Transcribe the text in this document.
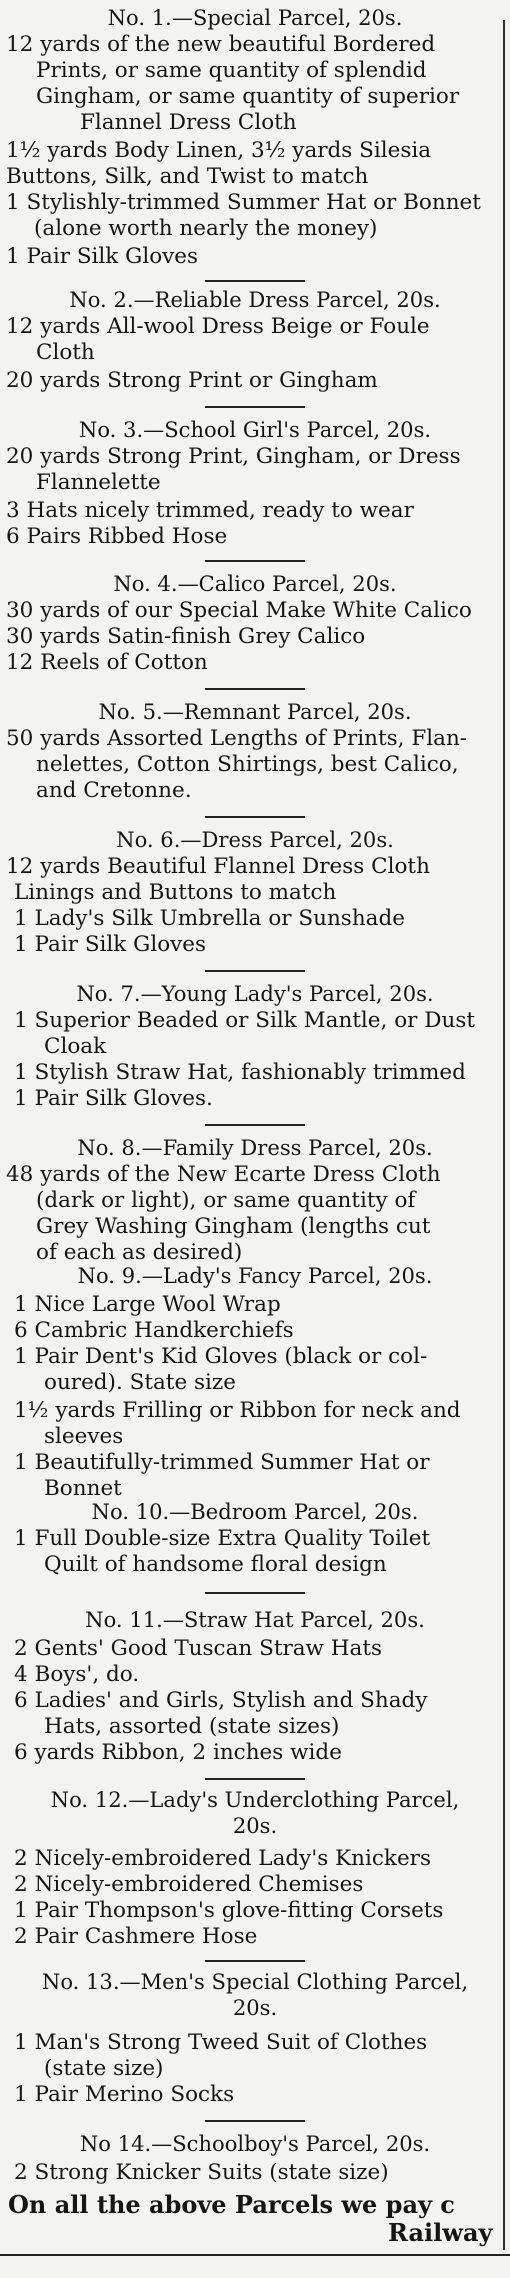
No. 1.—Special Parcel, 20s.
12 yards of the new beautiful Bordered
Prints, or same quantity of splendid
Gingham, or same quantity of superior
Flannel Dress Cloth
1½ yards Body Linen, 3½ yards Silesia
Buttons, Silk, and Twist to match
1 Stylishly-trimmed Summer Hat or Bonnet
(alone worth nearly the money)
1 Pair Silk Gloves
No. 2.—Reliable Dress Parcel, 20s.
12 yards All-wool Dress Beige or Foule
Cloth
20 yards Strong Print or Gingham
No. 3.—School Girl's Parcel, 20s.
20 yards Strong Print, Gingham, or Dress
Flannelette
3 Hats nicely trimmed, ready to wear
6 Pairs Ribbed Hose
No. 4.—Calico Parcel, 20s.
30 yards of our Special Make White Calico
30 yards Satin-finish Grey Calico
12 Reels of Cotton
No. 5.—Remnant Parcel, 20s.
50 yards Assorted Lengths of Prints, Flan-
nelettes, Cotton Shirtings, best Calico,
and Cretonne.
No. 6.—Dress Parcel, 20s.
12 yards Beautiful Flannel Dress Cloth
Linings and Buttons to match
1 Lady's Silk Umbrella or Sunshade
1 Pair Silk Gloves
No. 7.—Young Lady's Parcel, 20s.
1 Superior Beaded or Silk Mantle, or Dust
Cloak
1 Stylish Straw Hat, fashionably trimmed
1 Pair Silk Gloves.
No. 8.—Family Dress Parcel, 20s.
48 yards of the New Ecarte Dress Cloth
(dark or light), or same quantity of
Grey Washing Gingham (lengths cut
of each as desired)
No. 9.—Lady's Fancy Parcel, 20s.
1 Nice Large Wool Wrap
6 Cambric Handkerchiefs
1 Pair Dent's Kid Gloves (black or col-
oured). State size
1½ yards Frilling or Ribbon for neck and
sleeves
1 Beautifully-trimmed Summer Hat or
Bonnet
No. 10.—Bedroom Parcel, 20s.
1 Full Double-size Extra Quality Toilet
Quilt of handsome floral design
No. 11.—Straw Hat Parcel, 20s.
2 Gents' Good Tuscan Straw Hats
4 Boys', do.
6 Ladies' and Girls, Stylish and Shady
Hats, assorted (state sizes)
6 yards Ribbon, 2 inches wide
No. 12.—Lady's Underclothing Parcel,
20s.
2 Nicely-embroidered Lady's Knickers
2 Nicely-embroidered Chemises
1 Pair Thompson's glove-fitting Corsets
2 Pair Cashmere Hose
No. 13.—Men's Special Clothing Parcel,
20s.
1 Man's Strong Tweed Suit of Clothes
(state size)
1 Pair Merino Socks
No 14.—Schoolboy's Parcel, 20s.
2 Strong Knicker Suits (state size)
On all the above Parcels we pay c
Railway
